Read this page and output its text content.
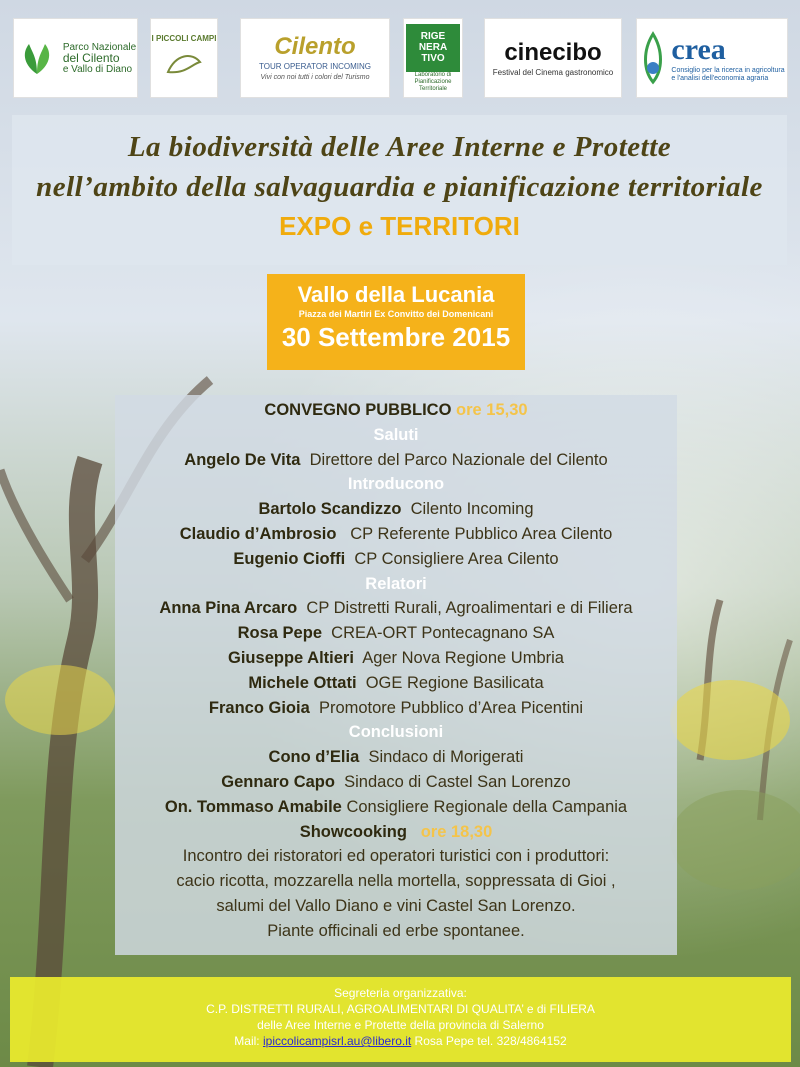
Parco Nazionale
del Cilento
e Vallo di Diano
I PICCOLI CAMPI Cilento
TOUR OPERATOR INCOMING
Vivi con noi tutti i colori del Turismo
RIGE
NERA
TIVO
Laboratorio di Pianificazione Territoriale
cinecibo
Festival del Cinema gastronomico
crea
Consiglio per la ricerca in agricoltura
e l'analisi dell'economia agraria
La biodiversità delle Aree Interne e Protette
nell’ambito della salvaguardia e pianificazione territoriale
EXPO e TERRITORI
Vallo della Lucania
Piazza dei Martiri Ex Convitto dei Domenicani
30 Settembre 2015
CONVEGNO PUBBLICO ore 15,30
Saluti
Angelo De Vita Direttore del Parco Nazionale del Cilento
Introducono
Bartolo Scandizzo Cilento Incoming
Claudio d’Ambrosio CP Referente Pubblico Area Cilento
Eugenio Cioffi CP Consigliere Area Cilento
Relatori
Anna Pina Arcaro CP Distretti Rurali, Agroalimentari e di Filiera
Rosa Pepe CREA-ORT Pontecagnano SA
Giuseppe Altieri Ager Nova Regione Umbria
Michele Ottati OGE Regione Basilicata
Franco Gioia Promotore Pubblico d’Area Picentini
Conclusioni
Cono d’Elia Sindaco di Morigerati
Gennaro Capo Sindaco di Castel San Lorenzo
On. Tommaso Amabile Consigliere Regionale della Campania
Showcooking ore 18,30
Incontro dei ristoratori ed operatori turistici con i produttori:
cacio ricotta, mozzarella nella mortella, soppressata di Gioi ,
salumi del Vallo Diano e vini Castel San Lorenzo.
Piante officinali ed erbe spontanee.
Segreteria organizzativa:
C.P. DISTRETTI RURALI, AGROALIMENTARI DI QUALITA’ e di FILIERA
delle Aree Interne e Protette della provincia di Salerno
Mail: ipiccolicampisrl.au@libero.it Rosa Pepe tel. 328/4864152
